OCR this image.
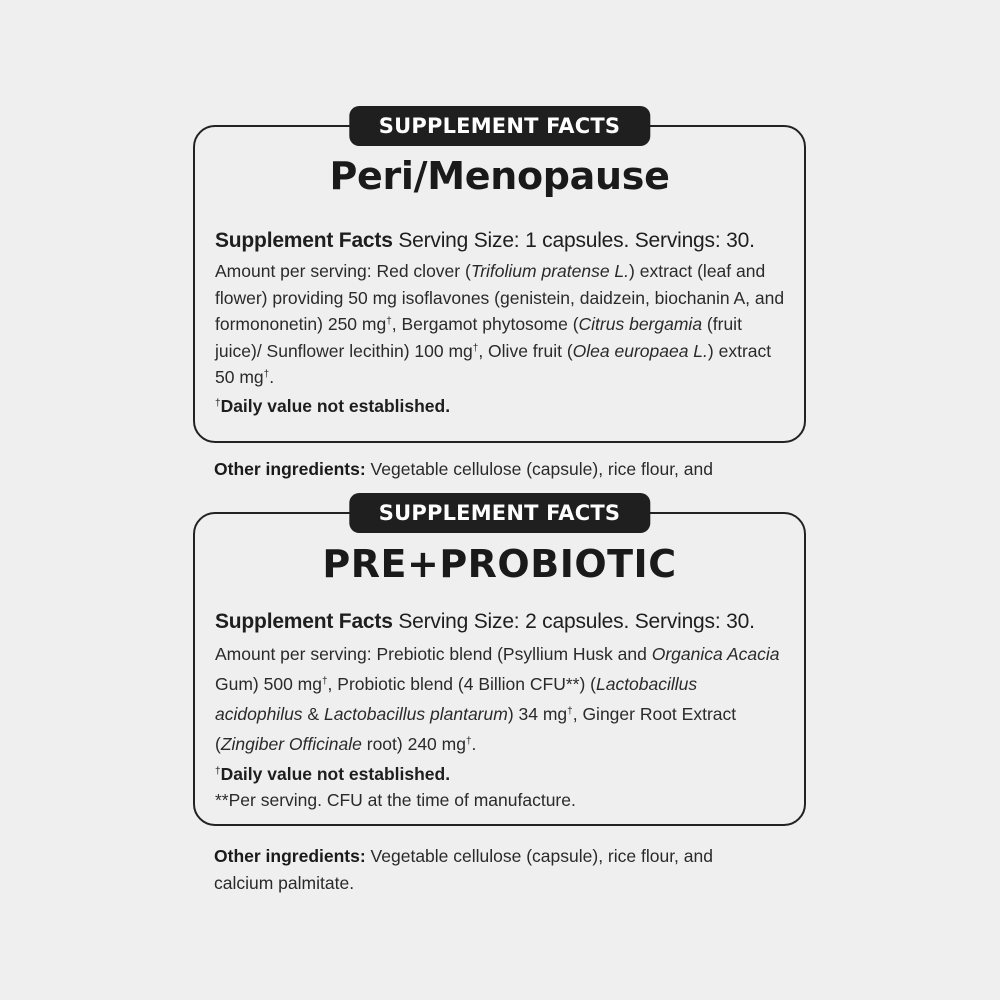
SUPPLEMENT FACTS
Peri/Menopause
Supplement Facts Serving Size: 1 capsules. Servings: 30.
Amount per serving: Red clover (Trifolium pratense L.) extract (leaf and flower) providing 50 mg isoflavones (genistein, daidzein, biochanin A, and formononetin) 250 mg†, Bergamot phytosome (Citrus bergamia (fruit juice)/ Sunflower lecithin) 100 mg†, Olive fruit (Olea europaea L.) extract 50 mg†.
†Daily value not established.
Other ingredients: Vegetable cellulose (capsule), rice flour, and
SUPPLEMENT FACTS
PRE+PROBIOTIC
Supplement Facts Serving Size: 2 capsules. Servings: 30.
Amount per serving: Prebiotic blend (Psyllium Husk and Organica Acacia Gum) 500 mg†, Probiotic blend (4 Billion CFU**) (Lactobacillus acidophilus & Lactobacillus plantarum) 34 mg†, Ginger Root Extract (Zingiber Officinale root) 240 mg†.
†Daily value not established.
**Per serving. CFU at the time of manufacture.
Other ingredients: Vegetable cellulose (capsule), rice flour, and calcium palmitate.
